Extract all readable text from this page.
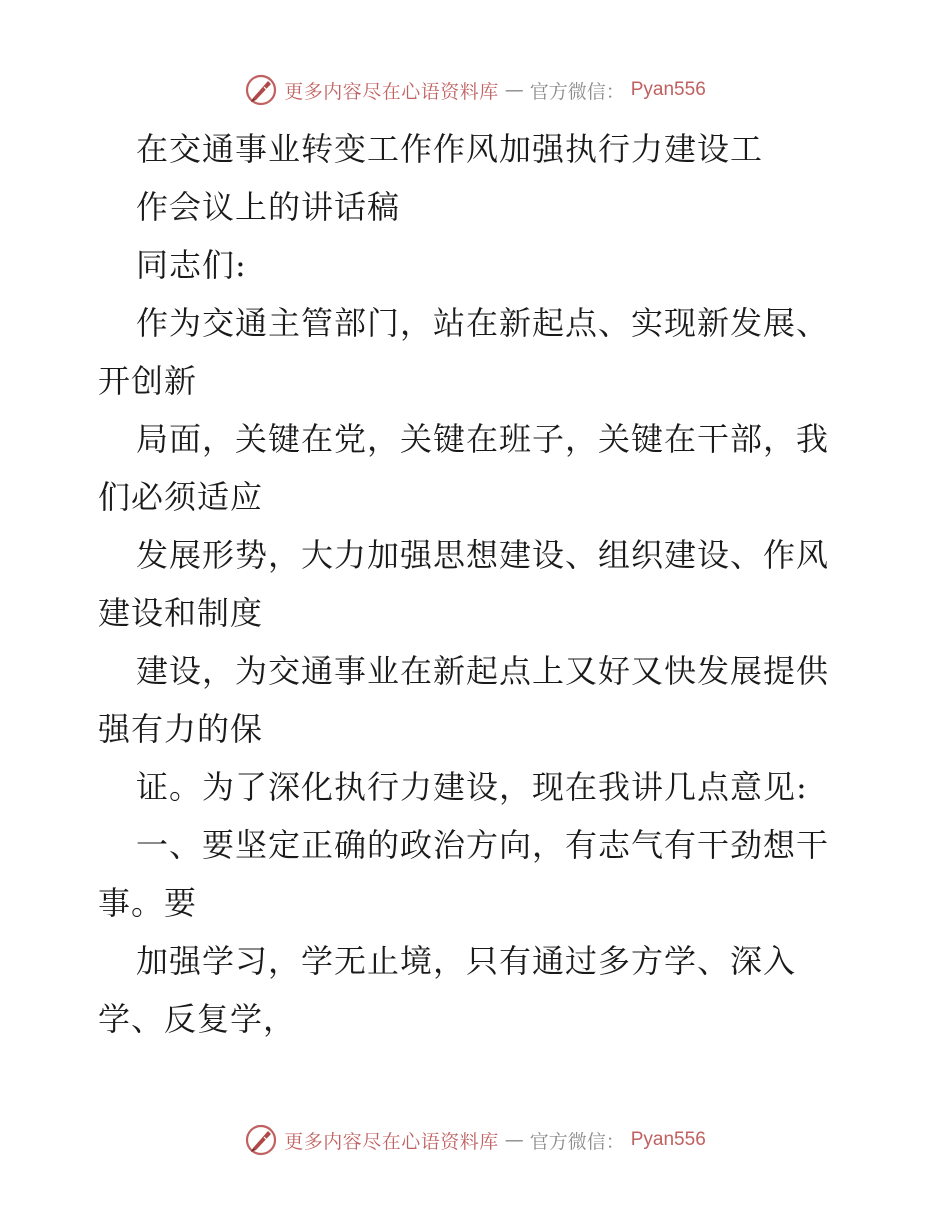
更多内容尽在心语资料库 — 官方微信： Pyan556
在交通事业转变工作作风加强执行力建设工
作会议上的讲话稿
同志们:
作为交通主管部门，站在新起点、实现新发展、
开创新
局面，关键在党，关键在班子，关键在干部，我
们必须适应
发展形势，大力加强思想建设、组织建设、作风
建设和制度
建设，为交通事业在新起点上又好又快发展提供
强有力的保
证。为了深化执行力建设，现在我讲几点意见:
一、要坚定正确的政治方向，有志气有干劲想干
事。要
加强学习，学无止境，只有通过多方学、深入
学、反复学，
更多内容尽在心语资料库 — 官方微信： Pyan556
